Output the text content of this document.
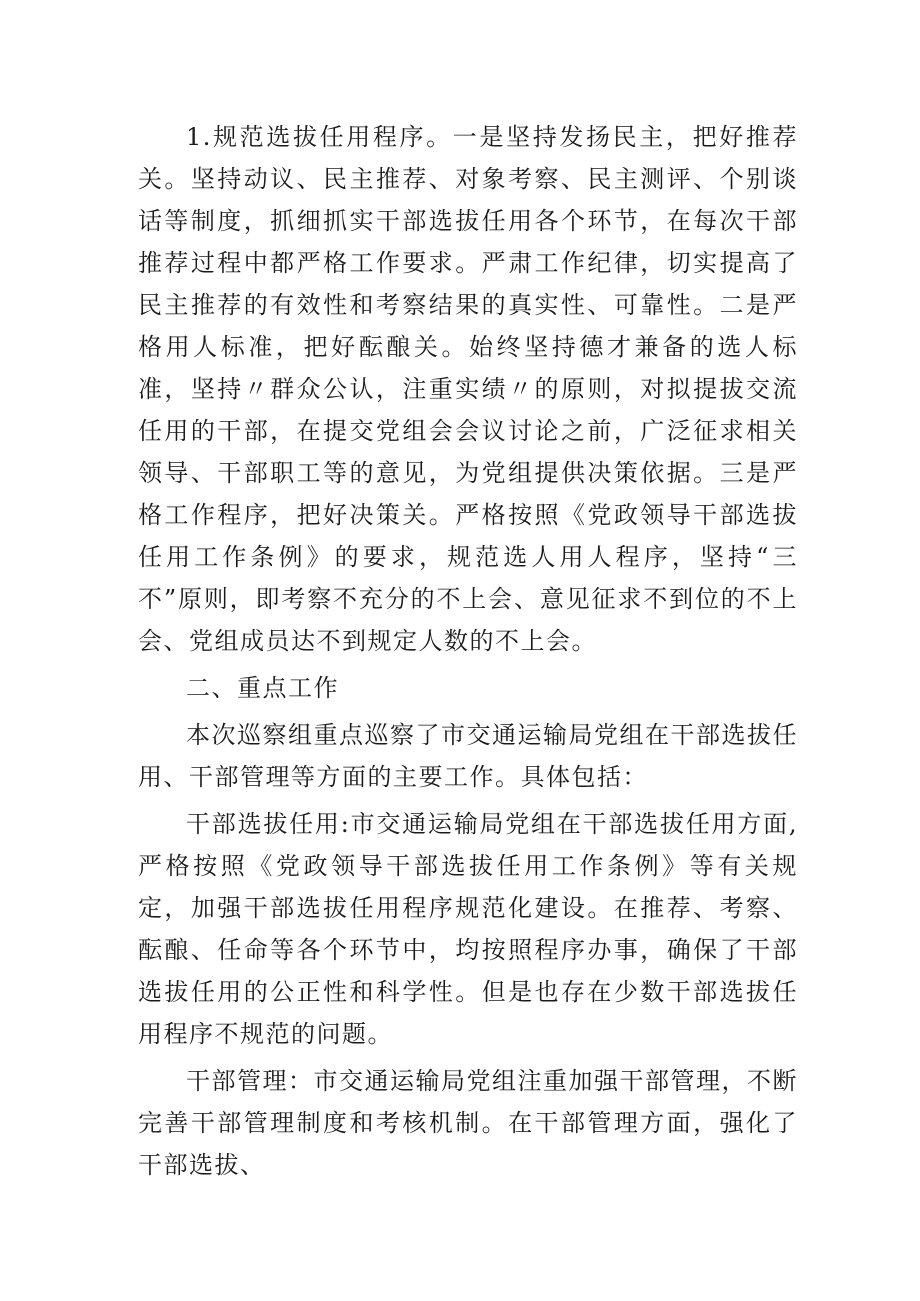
1.规范选拔任用程序。一是坚持发扬民主，把好推荐关。坚持动议、民主推荐、对象考察、民主测评、个别谈话等制度，抓细抓实干部选拔任用各个环节，在每次干部推荐过程中都严格工作要求。严肃工作纪律，切实提高了民主推荐的有效性和考察结果的真实性、可靠性。二是严格用人标准，把好酝酿关。始终坚持德才兼备的选人标准，坚持〃群众公认，注重实绩〃的原则，对拟提拔交流任用的干部，在提交党组会会议讨论之前，广泛征求相关领导、干部职工等的意见，为党组提供决策依据。三是严格工作程序，把好决策关。严格按照《党政领导干部选拔任用工作条例》的要求，规范选人用人程序，坚持“三不”原则，即考察不充分的不上会、意见征求不到位的不上会、党组成员达不到规定人数的不上会。

二、重点工作

本次巡察组重点巡察了市交通运输局党组在干部选拔任用、干部管理等方面的主要工作。具体包括：

干部选拔任用:市交通运输局党组在干部选拔任用方面,严格按照《党政领导干部选拔任用工作条例》等有关规定，加强干部选拔任用程序规范化建设。在推荐、考察、酝酿、任命等各个环节中，均按照程序办事，确保了干部选拔任用的公正性和科学性。但是也存在少数干部选拔任用程序不规范的问题。

干部管理：市交通运输局党组注重加强干部管理，不断完善干部管理制度和考核机制。在干部管理方面，强化了干部选拔、
